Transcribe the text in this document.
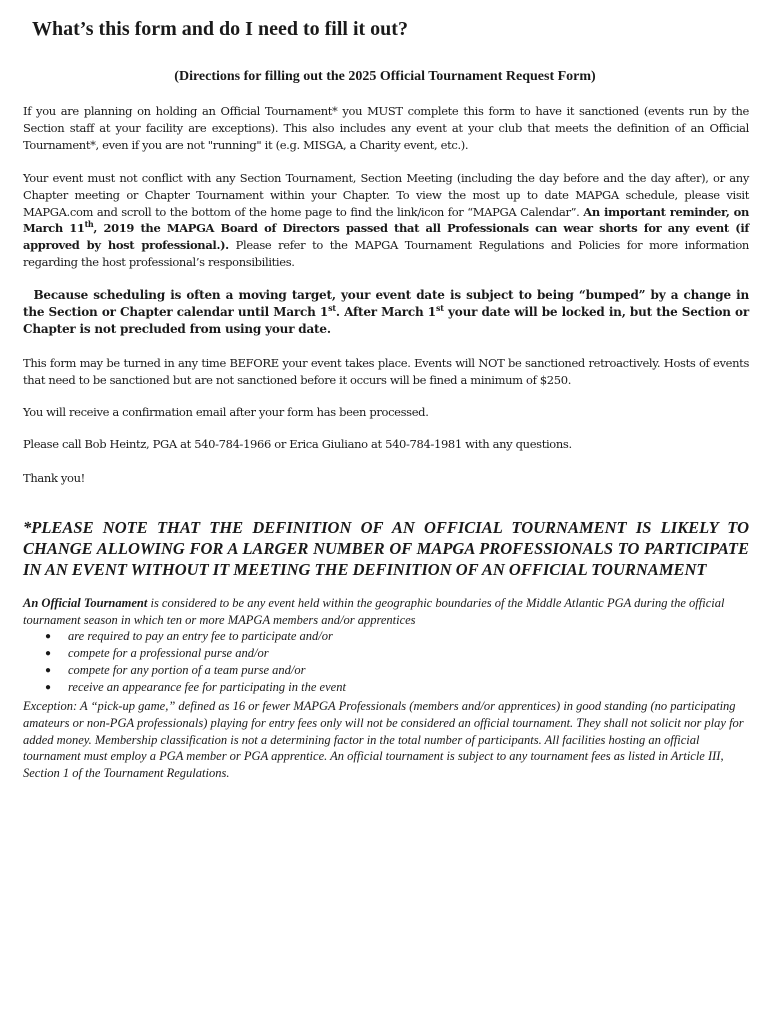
What’s this form and do I need to fill it out?
(Directions for filling out the 2025 Official Tournament Request Form)

If you are planning on holding an Official Tournament* you MUST complete this form to have it sanctioned (events run by the Section staff at your facility are exceptions). This also includes any event at your club that meets the definition of an Official Tournament*, even if you are not "running" it (e.g. MISGA, a Charity event, etc.).

Your event must not conflict with any Section Tournament, Section Meeting (including the day before and the day after), or any Chapter meeting or Chapter Tournament within your Chapter. To view the most up to date MAPGA schedule, please visit MAPGA.com and scroll to the bottom of the home page to find the link/icon for “MAPGA Calendar”. An important reminder, on March 11th, 2019 the MAPGA Board of Directors passed that all Professionals can wear shorts for any event (if approved by host professional.). Please refer to the MAPGA Tournament Regulations and Policies for more information regarding the host professional’s responsibilities.

Because scheduling is often a moving target, your event date is subject to being “bumped” by a change in the Section or Chapter calendar until March 1st. After March 1st your date will be locked in, but the Section or Chapter is not precluded from using your date.

This form may be turned in any time BEFORE your event takes place. Events will NOT be sanctioned retroactively. Hosts of events that need to be sanctioned but are not sanctioned before it occurs will be fined a minimum of $250.

You will receive a confirmation email after your form has been processed.

Please call Bob Heintz, PGA at 540-784-1966 or Erica Giuliano at 540-784-1981 with any questions.

Thank you!

*PLEASE NOTE THAT THE DEFINITION OF AN OFFICIAL TOURNAMENT IS LIKELY TO CHANGE ALLOWING FOR A LARGER NUMBER OF MAPGA PROFESSIONALS TO PARTICIPATE IN AN EVENT WITHOUT IT MEETING THE DEFINITION OF AN OFFICIAL TOURNAMENT

An Official Tournament is considered to be any event held within the geographic boundaries of the Middle Atlantic PGA during the official tournament season in which ten or more MAPGA members and/or apprentices

● are required to pay an entry fee to participate and/or
● compete for a professional purse and/or
● compete for any portion of a team purse and/or
● receive an appearance fee for participating in the event

Exception: A “pick-up game,” defined as 16 or fewer MAPGA Professionals (members and/or apprentices) in good standing (no participating amateurs or non-PGA professionals) playing for entry fees only will not be considered an official tournament. They shall not solicit nor play for added money. Membership classification is not a determining factor in the total number of participants. All facilities hosting an official tournament must employ a PGA member or PGA apprentice. An official tournament is subject to any tournament fees as listed in Article III, Section 1 of the Tournament Regulations.
